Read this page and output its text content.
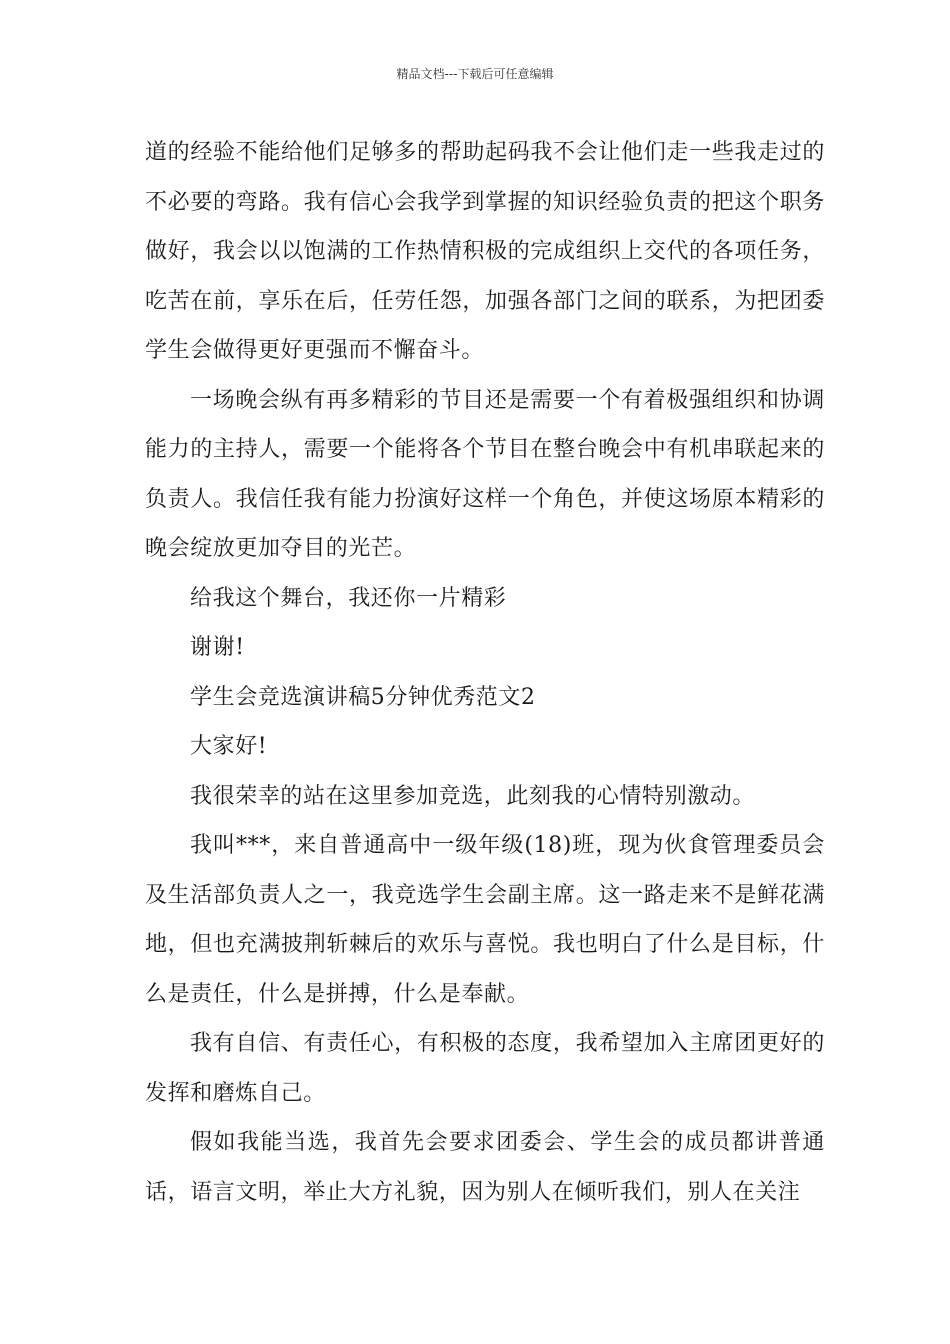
精品文档---下载后可任意编辑

道的经验不能给他们足够多的帮助起码我不会让他们走一些我走过的不必要的弯路。我有信心会我学到掌握的知识经验负责的把这个职务做好，我会以以饱满的工作热情积极的完成组织上交代的各项任务，吃苦在前，享乐在后，任劳任怨，加强各部门之间的联系，为把团委学生会做得更好更强而不懈奋斗。

一场晚会纵有再多精彩的节目还是需要一个有着极强组织和协调能力的主持人，需要一个能将各个节目在整台晚会中有机串联起来的负责人。我信任我有能力扮演好这样一个角色，并使这场原本精彩的晚会绽放更加夺目的光芒。

给我这个舞台，我还你一片精彩

谢谢!

学生会竞选演讲稿5分钟优秀范文2

大家好!

我很荣幸的站在这里参加竞选，此刻我的心情特别激动。

我叫***，来自普通高中一级年级(18)班，现为伙食管理委员会及生活部负责人之一，我竞选学生会副主席。这一路走来不是鲜花满地，但也充满披荆斩棘后的欢乐与喜悦。我也明白了什么是目标，什么是责任，什么是拼搏，什么是奉献。

我有自信、有责任心，有积极的态度，我希望加入主席团更好的发挥和磨炼自己。

假如我能当选，我首先会要求团委会、学生会的成员都讲普通话，语言文明，举止大方礼貌，因为别人在倾听我们，别人在关注
